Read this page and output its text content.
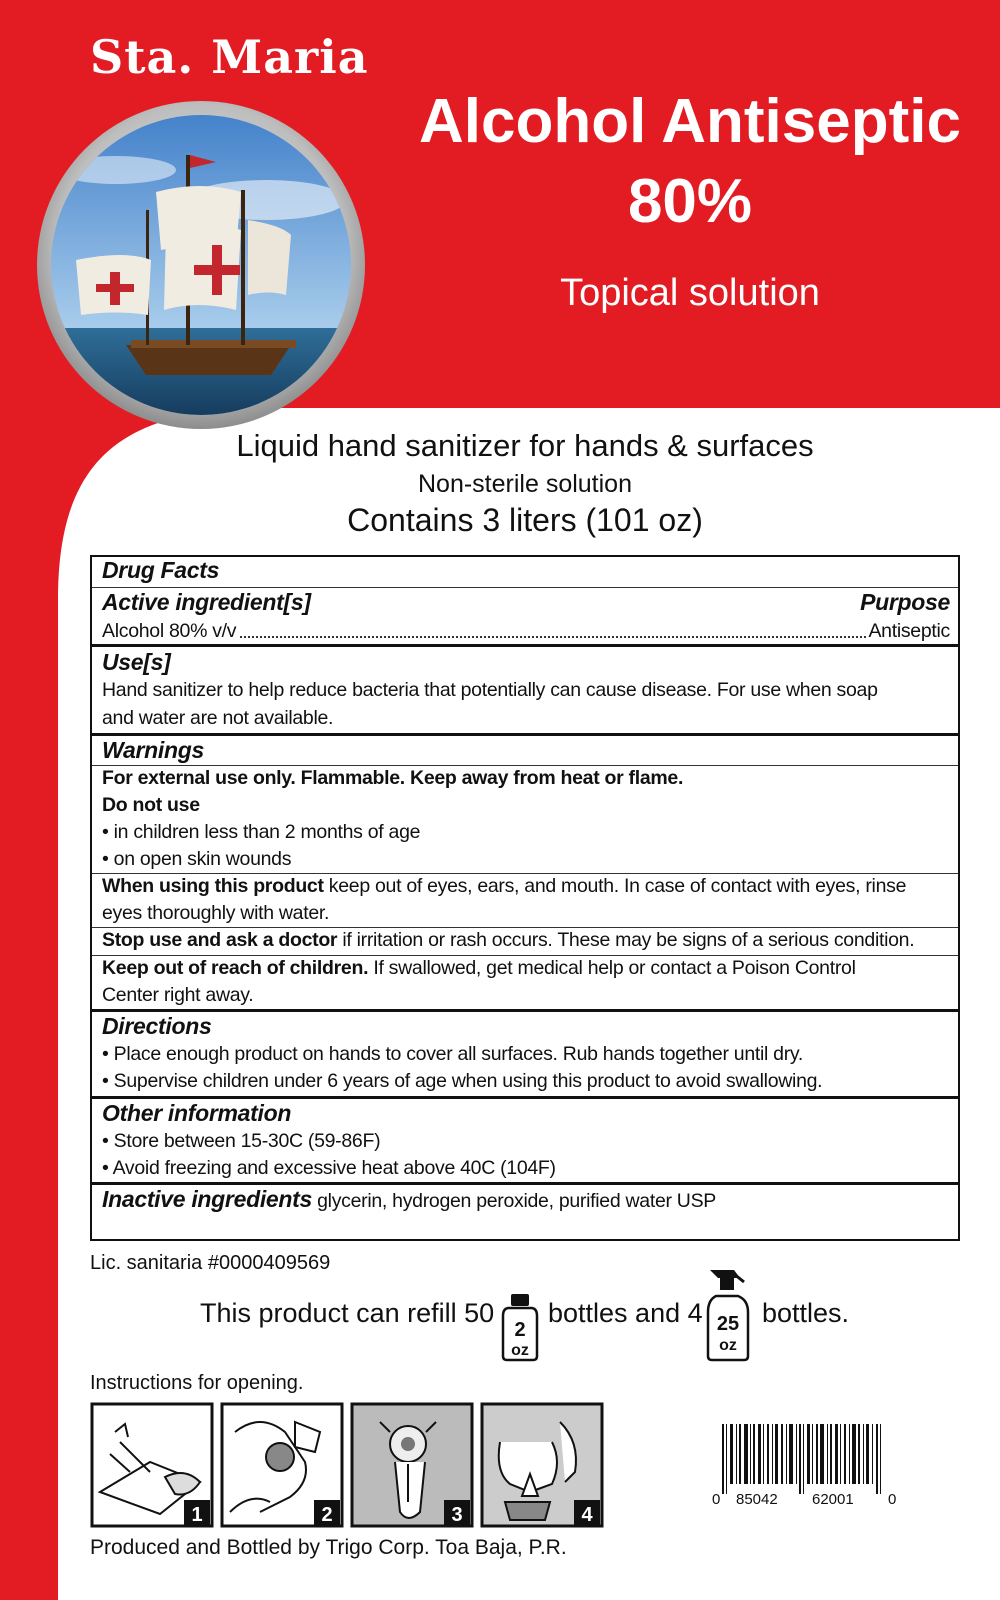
Sta. Maria
Alcohol Antiseptic
80%
Topical solution
Liquid hand sanitizer for hands & surfaces
Non-sterile solution
Contains 3 liters (101 oz)
Drug Facts
Active ingredient[s]	Purpose
Alcohol 80% v/v	Antiseptic
Use[s]
Hand sanitizer to help reduce bacteria that potentially can cause disease. For use when soap
and water are not available.
Warnings
For external use only. Flammable. Keep away from heat or flame.
Do not use
• in children less than 2 months of age
• on open skin wounds
When using this product keep out of eyes, ears, and mouth. In case of contact with eyes, rinse
eyes thoroughly with water.
Stop use and ask a doctor if irritation or rash occurs. These may be signs of a serious condition.
Keep out of reach of children. If swallowed, get medical help or contact a Poison Control
Center right away.
Directions
• Place enough product on hands to cover all surfaces. Rub hands together until dry.
• Supervise children under 6 years of age when using this product to avoid swallowing.
Other information
• Store between 15-30C (59-86F)
• Avoid freezing and excessive heat above 40C (104F)
Inactive ingredients glycerin, hydrogen peroxide, purified water USP
Lic. sanitaria #0000409569
This product can refill 50
2
oz
bottles and 4 25
oz
bottles.
Instructions for opening.
1	2	3	4
0 85042 62001 0
Produced and Bottled by Trigo Corp. Toa Baja, P.R.
